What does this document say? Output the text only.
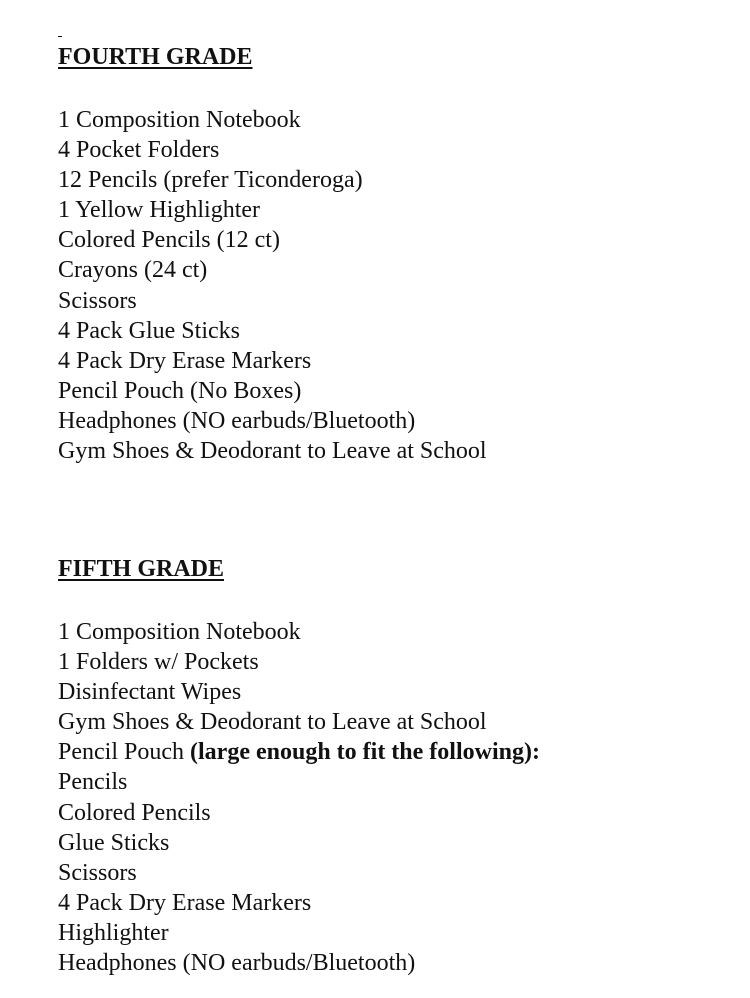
FOURTH GRADE
1 Composition Notebook
4 Pocket Folders
12 Pencils (prefer Ticonderoga)
1 Yellow Highlighter
Colored Pencils (12 ct)
Crayons (24 ct)
Scissors
4 Pack Glue Sticks
4 Pack Dry Erase Markers
Pencil Pouch (No Boxes)
Headphones (NO earbuds/Bluetooth)
Gym Shoes & Deodorant to Leave at School
FIFTH GRADE
1 Composition Notebook
1 Folders w/ Pockets
Disinfectant Wipes
Gym Shoes & Deodorant to Leave at School
Pencil Pouch (large enough to fit the following):
Pencils
Colored Pencils
Glue Sticks
Scissors
4 Pack Dry Erase Markers
Highlighter
Headphones (NO earbuds/Bluetooth)
